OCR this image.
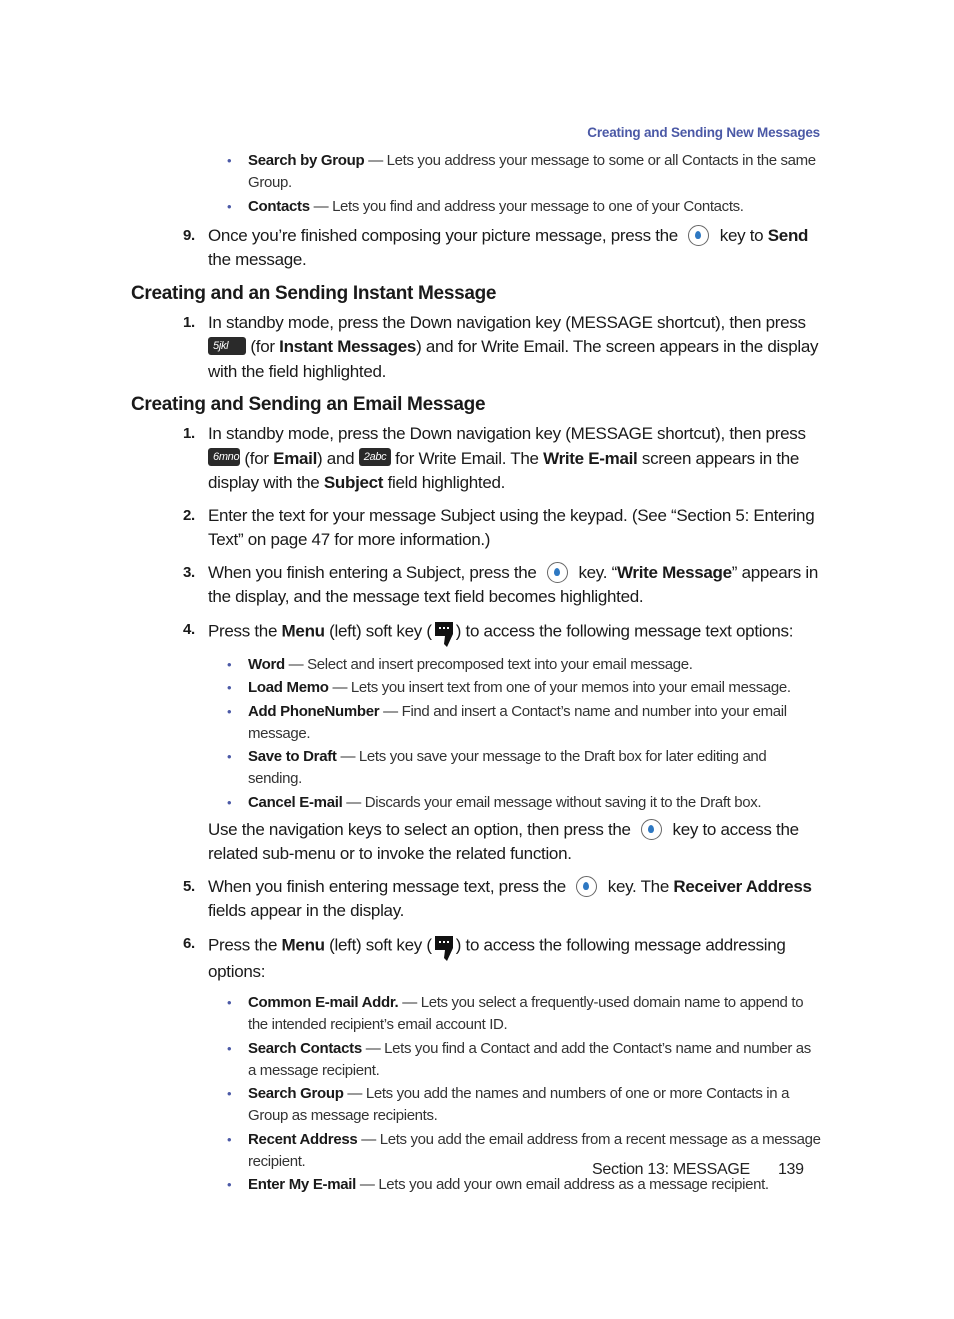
Creating and Sending New Messages
• Search by Group — Lets you address your message to some or all Contacts in the same Group.
• Contacts — Lets you find and address your message to one of your Contacts.
9. Once you’re finished composing your picture message, press the  key to Send the message.
Creating and an Sending Instant Message
1. In standby mode, press the Down navigation key (MESSAGE shortcut), then press 5jkl (for Instant Messages) and for Write Email. The screen appears in the display with the field highlighted.
Creating and Sending an Email Message
1. In standby mode, press the Down navigation key (MESSAGE shortcut), then press 6mno (for Email) and 2abc for Write Email. The Write E-mail screen appears in the display with the Subject field highlighted.
2. Enter the text for your message Subject using the keypad. (See “Section 5: Entering Text” on page 47 for more information.)
3. When you finish entering a Subject, press the  key. “Write Message” appears in the display, and the message text field becomes highlighted.
4. Press the Menu (left) soft key ( ) to access the following message text options:
• Word — Select and insert precomposed text into your email message.
• Load Memo — Lets you insert text from one of your memos into your email message.
• Add PhoneNumber — Find and insert a Contact’s name and number into your email message.
• Save to Draft — Lets you save your message to the Draft box for later editing and sending.
• Cancel E-mail — Discards your email message without saving it to the Draft box.
Use the navigation keys to select an option, then press the  key to access the related sub-menu or to invoke the related function.
5. When you finish entering message text, press the  key. The Receiver Address fields appear in the display.
6. Press the Menu (left) soft key ( ) to access the following message addressing options:
• Common E-mail Addr. — Lets you select a frequently-used domain name to append to the intended recipient’s email account ID.
• Search Contacts — Lets you find a Contact and add the Contact’s name and number as a message recipient.
• Search Group — Lets you add the names and numbers of one or more Contacts in a Group as message recipients.
• Recent Address — Lets you add the email address from a recent message as a message recipient.
• Enter My E-mail — Lets you add your own email address as a message recipient.
Section 13: MESSAGE 139
